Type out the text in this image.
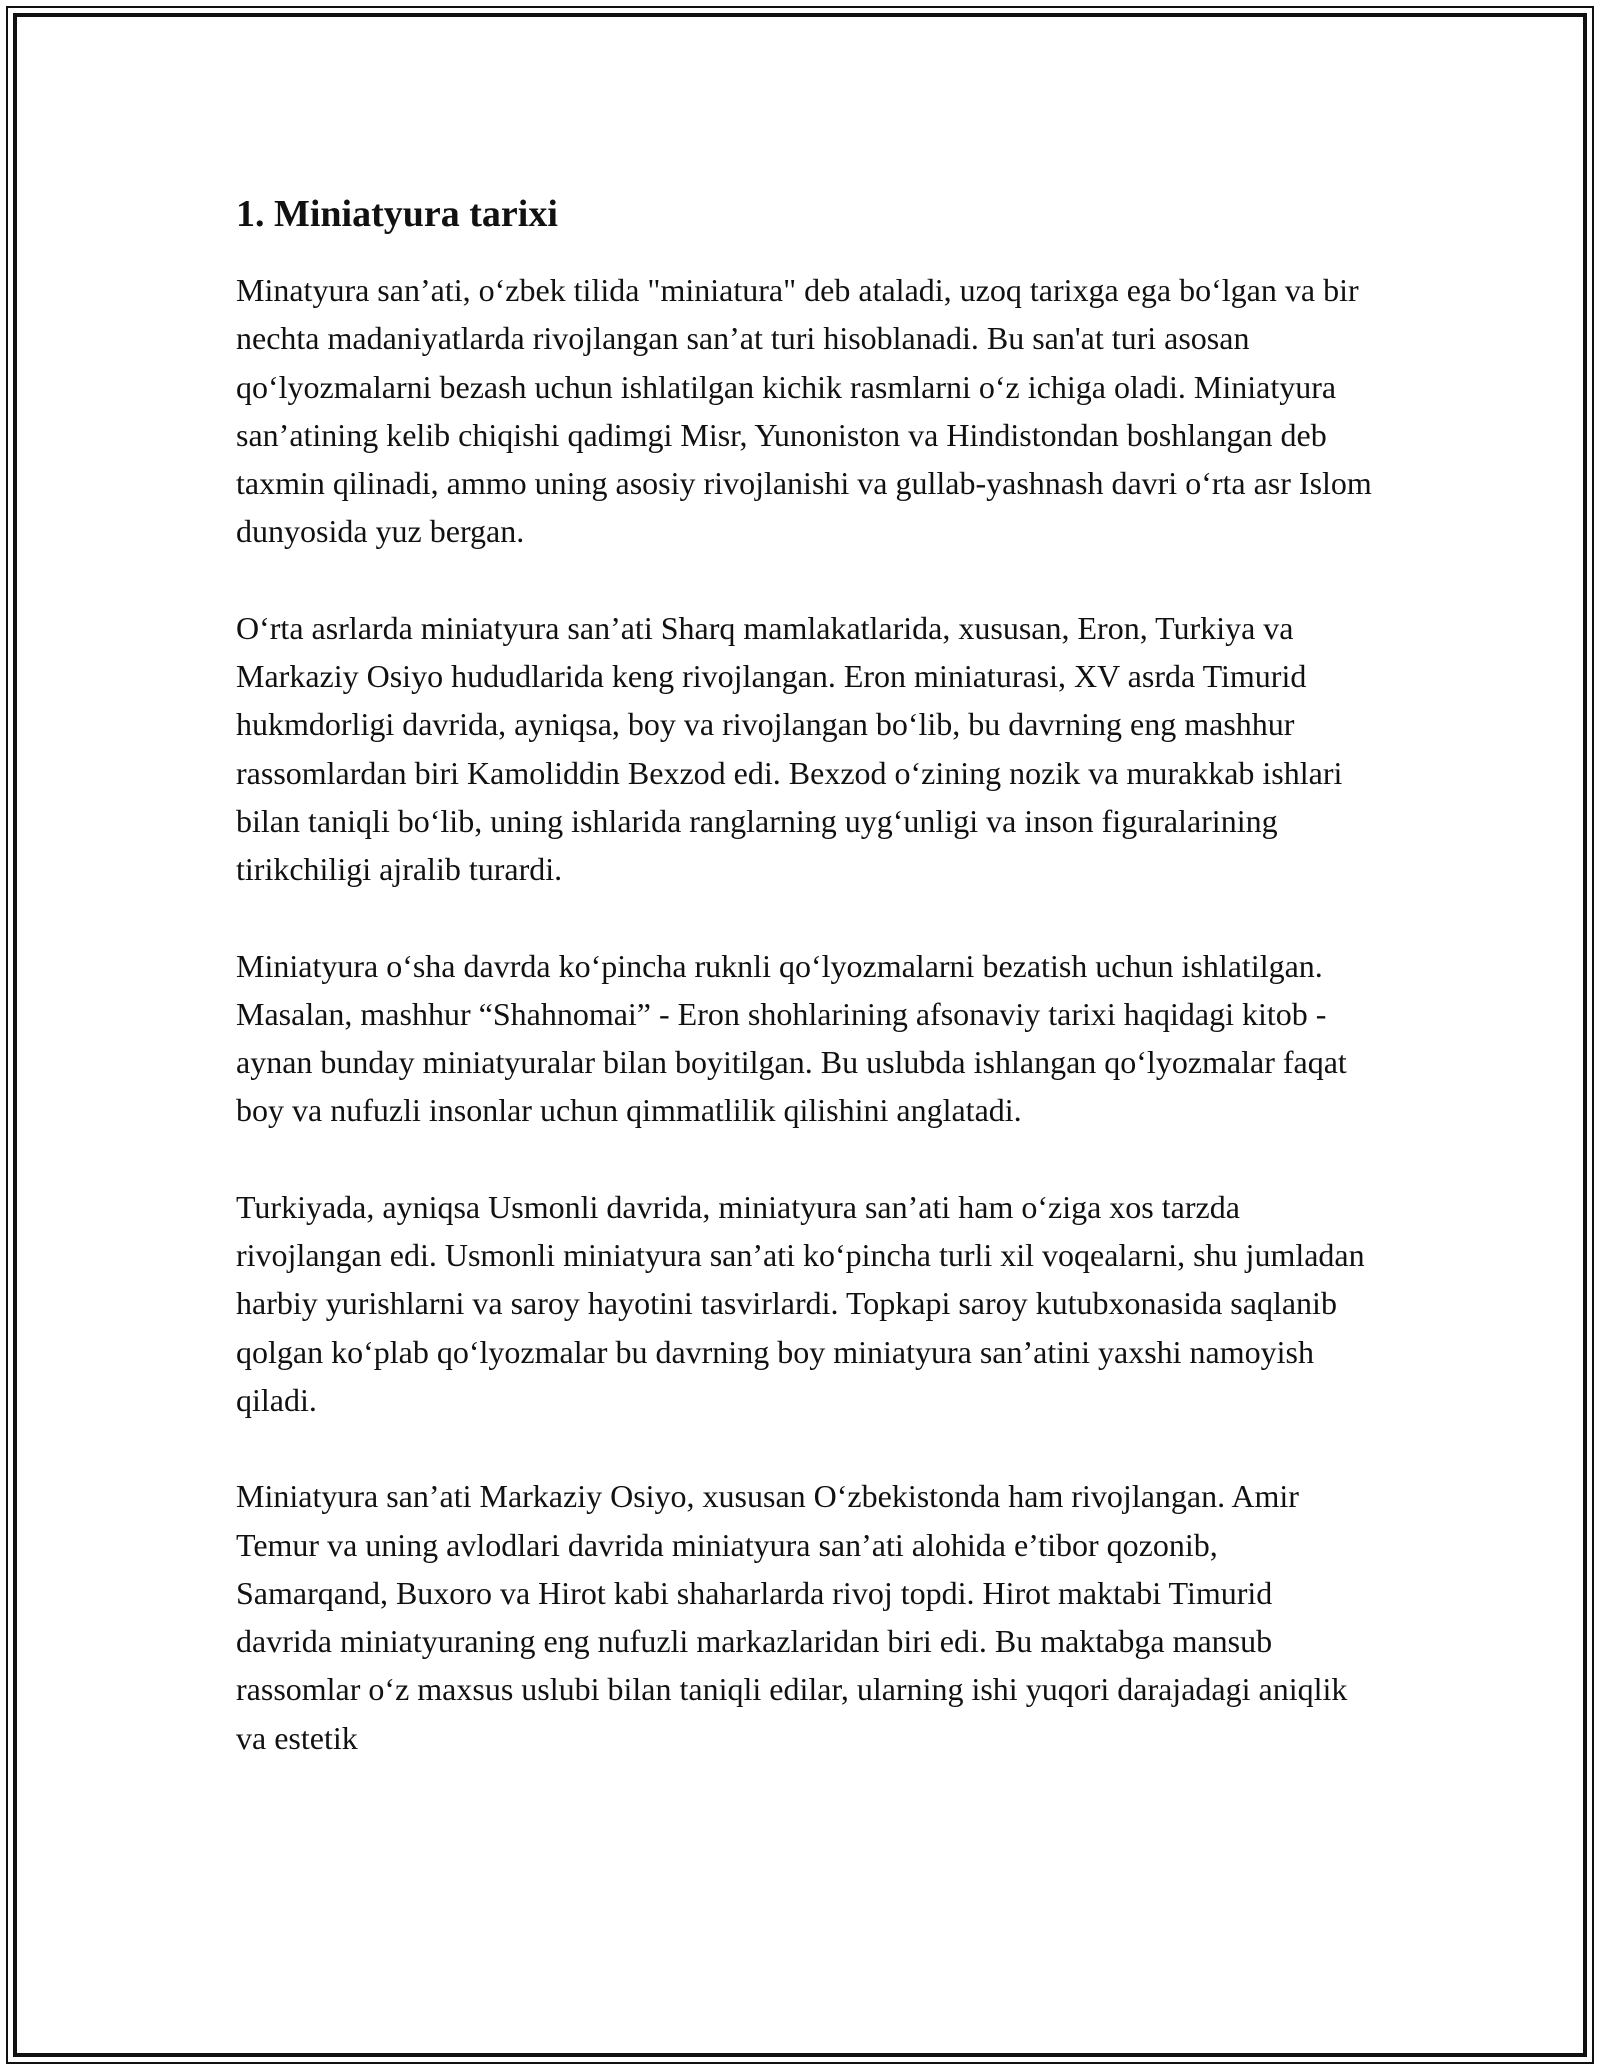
1. Miniatyura tarixi

Minatyura san’ati, o‘zbek tilida "miniatura" deb ataladi, uzoq tarixga ega bo‘lgan va bir nechta madaniyatlarda rivojlangan san’at turi hisoblanadi. Bu san'at turi asosan qo‘lyozmalarni bezash uchun ishlatilgan kichik rasmlarni o‘z ichiga oladi. Miniatyura san’atining kelib chiqishi qadimgi Misr, Yunoniston va Hindistondan boshlangan deb taxmin qilinadi, ammo uning asosiy rivojlanishi va gullab-yashnash davri o‘rta asr Islom dunyosida yuz bergan.

O‘rta asrlarda miniatyura san’ati Sharq mamlakatlarida, xususan, Eron, Turkiya va Markaziy Osiyo hududlarida keng rivojlangan. Eron miniaturasi, XV asrda Timurid hukmdorligi davrida, ayniqsa, boy va rivojlangan bo‘lib, bu davrning eng mashhur rassomlardan biri Kamoliddin Bexzod edi. Bexzod o‘zining nozik va murakkab ishlari bilan taniqli bo‘lib, uning ishlarida ranglarning uyg‘unligi va inson figuralarining tirikchiligi ajralib turardi.

Miniatyura o‘sha davrda ko‘pincha ruknli qo‘lyozmalarni bezatish uchun ishlatilgan. Masalan, mashhur “Shahnomai” - Eron shohlarining afsonaviy tarixi haqidagi kitob - aynan bunday miniatyuralar bilan boyitilgan. Bu uslubda ishlangan qo‘lyozmalar faqat boy va nufuzli insonlar uchun qimmatlilik qilishini anglatadi.

Turkiyada, ayniqsa Usmonli davrida, miniatyura san’ati ham o‘ziga xos tarzda rivojlangan edi. Usmonli miniatyura san’ati ko‘pincha turli xil voqealarni, shu jumladan harbiy yurishlarni va saroy hayotini tasvirlardi. Topkapi saroy kutubxonasida saqlanib qolgan ko‘plab qo‘lyozmalar bu davrning boy miniatyura san’atini yaxshi namoyish qiladi.

Miniatyura san’ati Markaziy Osiyo, xususan O‘zbekistonda ham rivojlangan. Amir Temur va uning avlodlari davrida miniatyura san’ati alohida e’tibor qozonib, Samarqand, Buxoro va Hirot kabi shaharlarda rivoj topdi. Hirot maktabi Timurid davrida miniatyuraning eng nufuzli markazlaridan biri edi. Bu maktabga mansub rassomlar o‘z maxsus uslubi bilan taniqli edilar, ularning ishi yuqori darajadagi aniqlik va estetik
